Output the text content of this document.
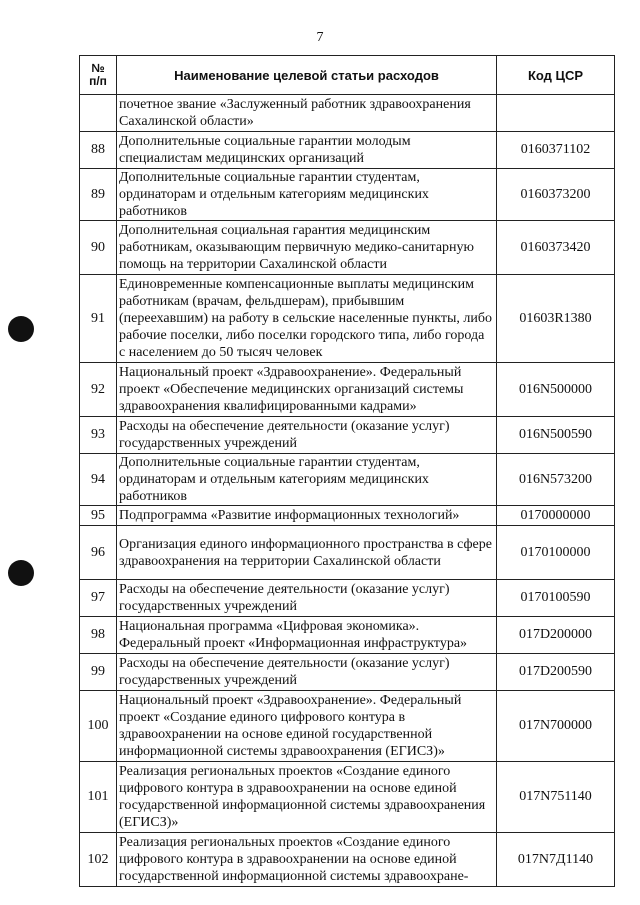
7
№
п/п	Наименование целевой статьи расходов	Код ЦСР
	почетное звание «Заслуженный работник здравоохранения Сахалинской области»	
88	Дополнительные социальные гарантии молодым специалистам медицинских организаций	0160371102
89	Дополнительные социальные гарантии студентам, ординаторам и отдельным категориям медицинских работников	0160373200
90	Дополнительная социальная гарантия медицинским работникам, оказывающим первичную медико-санитарную помощь на территории Сахалинской области	0160373420
91	Единовременные компенсационные выплаты медицинским работникам (врачам, фельдшерам), прибывшим (переехавшим) на работу в сельские населенные пункты, либо рабочие поселки, либо поселки городского типа, либо города с населением до 50 тысяч человек	01603R1380
92	Национальный проект «Здравоохранение». Федеральный проект «Обеспечение медицинских организаций системы здравоохранения квалифицированными кадрами»	016N500000
93	Расходы на обеспечение деятельности (оказание услуг) государственных учреждений	016N500590
94	Дополнительные социальные гарантии студентам, ординаторам и отдельным категориям медицинских работников	016N573200
95	Подпрограмма «Развитие информационных технологий»	0170000000
96	Организация единого информационного пространства в сфере здравоохранения на территории Сахалинской области	0170100000
97	Расходы на обеспечение деятельности (оказание услуг) государственных учреждений	0170100590
98	Национальная программа «Цифровая экономика». Федеральный проект «Информационная инфраструктура»	017D200000
99	Расходы на обеспечение деятельности (оказание услуг) государственных учреждений	017D200590
100	Национальный проект «Здравоохранение». Федеральный проект «Создание единого цифрового контура в здравоохранении на основе единой государственной информационной системы здравоохранения (ЕГИСЗ)»	017N700000
101	Реализация региональных проектов «Создание единого цифрового контура в здравоохранении на основе единой государственной информационной системы здравоохранения (ЕГИСЗ)»	017N751140
102	Реализация региональных проектов «Создание единого цифрового контура в здравоохранении на основе единой государственной информационной системы здравоохране-	017N7Д1140
